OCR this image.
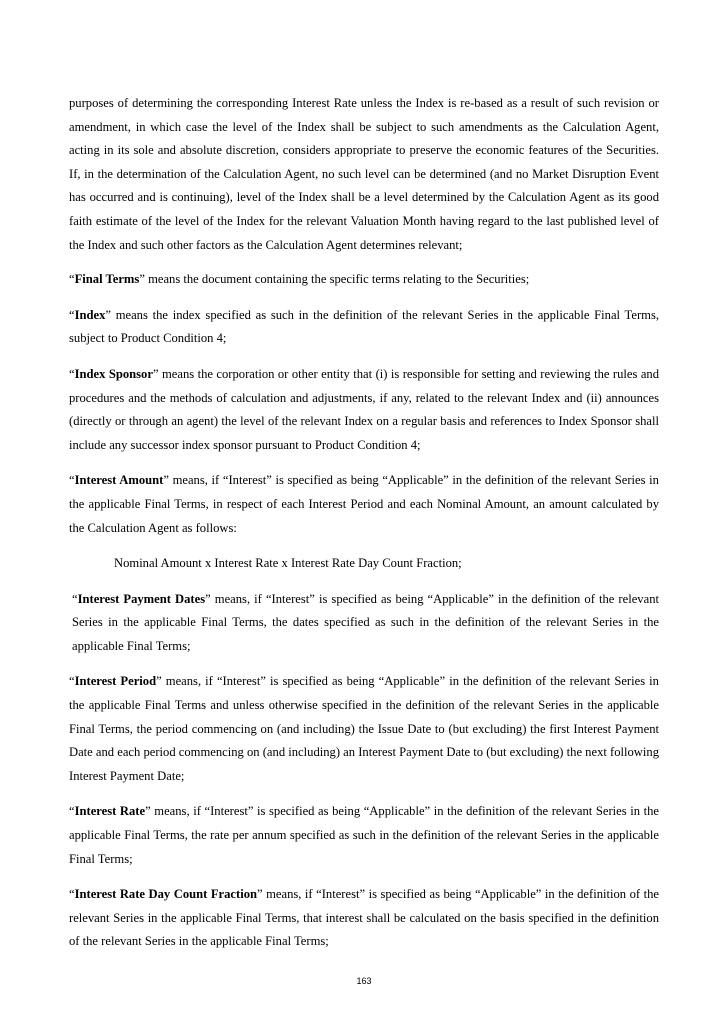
purposes of determining the corresponding Interest Rate unless the Index is re-based as a result of such revision or amendment, in which case the level of the Index shall be subject to such amendments as the Calculation Agent, acting in its sole and absolute discretion, considers appropriate to preserve the economic features of the Securities. If, in the determination of the Calculation Agent, no such level can be determined (and no Market Disruption Event has occurred and is continuing), level of the Index shall be a level determined by the Calculation Agent as its good faith estimate of the level of the Index for the relevant Valuation Month having regard to the last published level of the Index and such other factors as the Calculation Agent determines relevant;

“Final Terms” means the document containing the specific terms relating to the Securities;

“Index” means the index specified as such in the definition of the relevant Series in the applicable Final Terms, subject to Product Condition 4;

“Index Sponsor” means the corporation or other entity that (i) is responsible for setting and reviewing the rules and procedures and the methods of calculation and adjustments, if any, related to the relevant Index and (ii) announces (directly or through an agent) the level of the relevant Index on a regular basis and references to Index Sponsor shall include any successor index sponsor pursuant to Product Condition 4;

“Interest Amount” means, if “Interest” is specified as being “Applicable” in the definition of the relevant Series in the applicable Final Terms, in respect of each Interest Period and each Nominal Amount, an amount calculated by the Calculation Agent as follows:

Nominal Amount x Interest Rate x Interest Rate Day Count Fraction;

“Interest Payment Dates” means, if “Interest” is specified as being “Applicable” in the definition of the relevant Series in the applicable Final Terms, the dates specified as such in the definition of the relevant Series in the applicable Final Terms;

“Interest Period” means, if “Interest” is specified as being “Applicable” in the definition of the relevant Series in the applicable Final Terms and unless otherwise specified in the definition of the relevant Series in the applicable Final Terms, the period commencing on (and including) the Issue Date to (but excluding) the first Interest Payment Date and each period commencing on (and including) an Interest Payment Date to (but excluding) the next following Interest Payment Date;

“Interest Rate” means, if “Interest” is specified as being “Applicable” in the definition of the relevant Series in the applicable Final Terms, the rate per annum specified as such in the definition of the relevant Series in the applicable Final Terms;

“Interest Rate Day Count Fraction” means, if “Interest” is specified as being “Applicable” in the definition of the relevant Series in the applicable Final Terms, that interest shall be calculated on the basis specified in the definition of the relevant Series in the applicable Final Terms;

163
